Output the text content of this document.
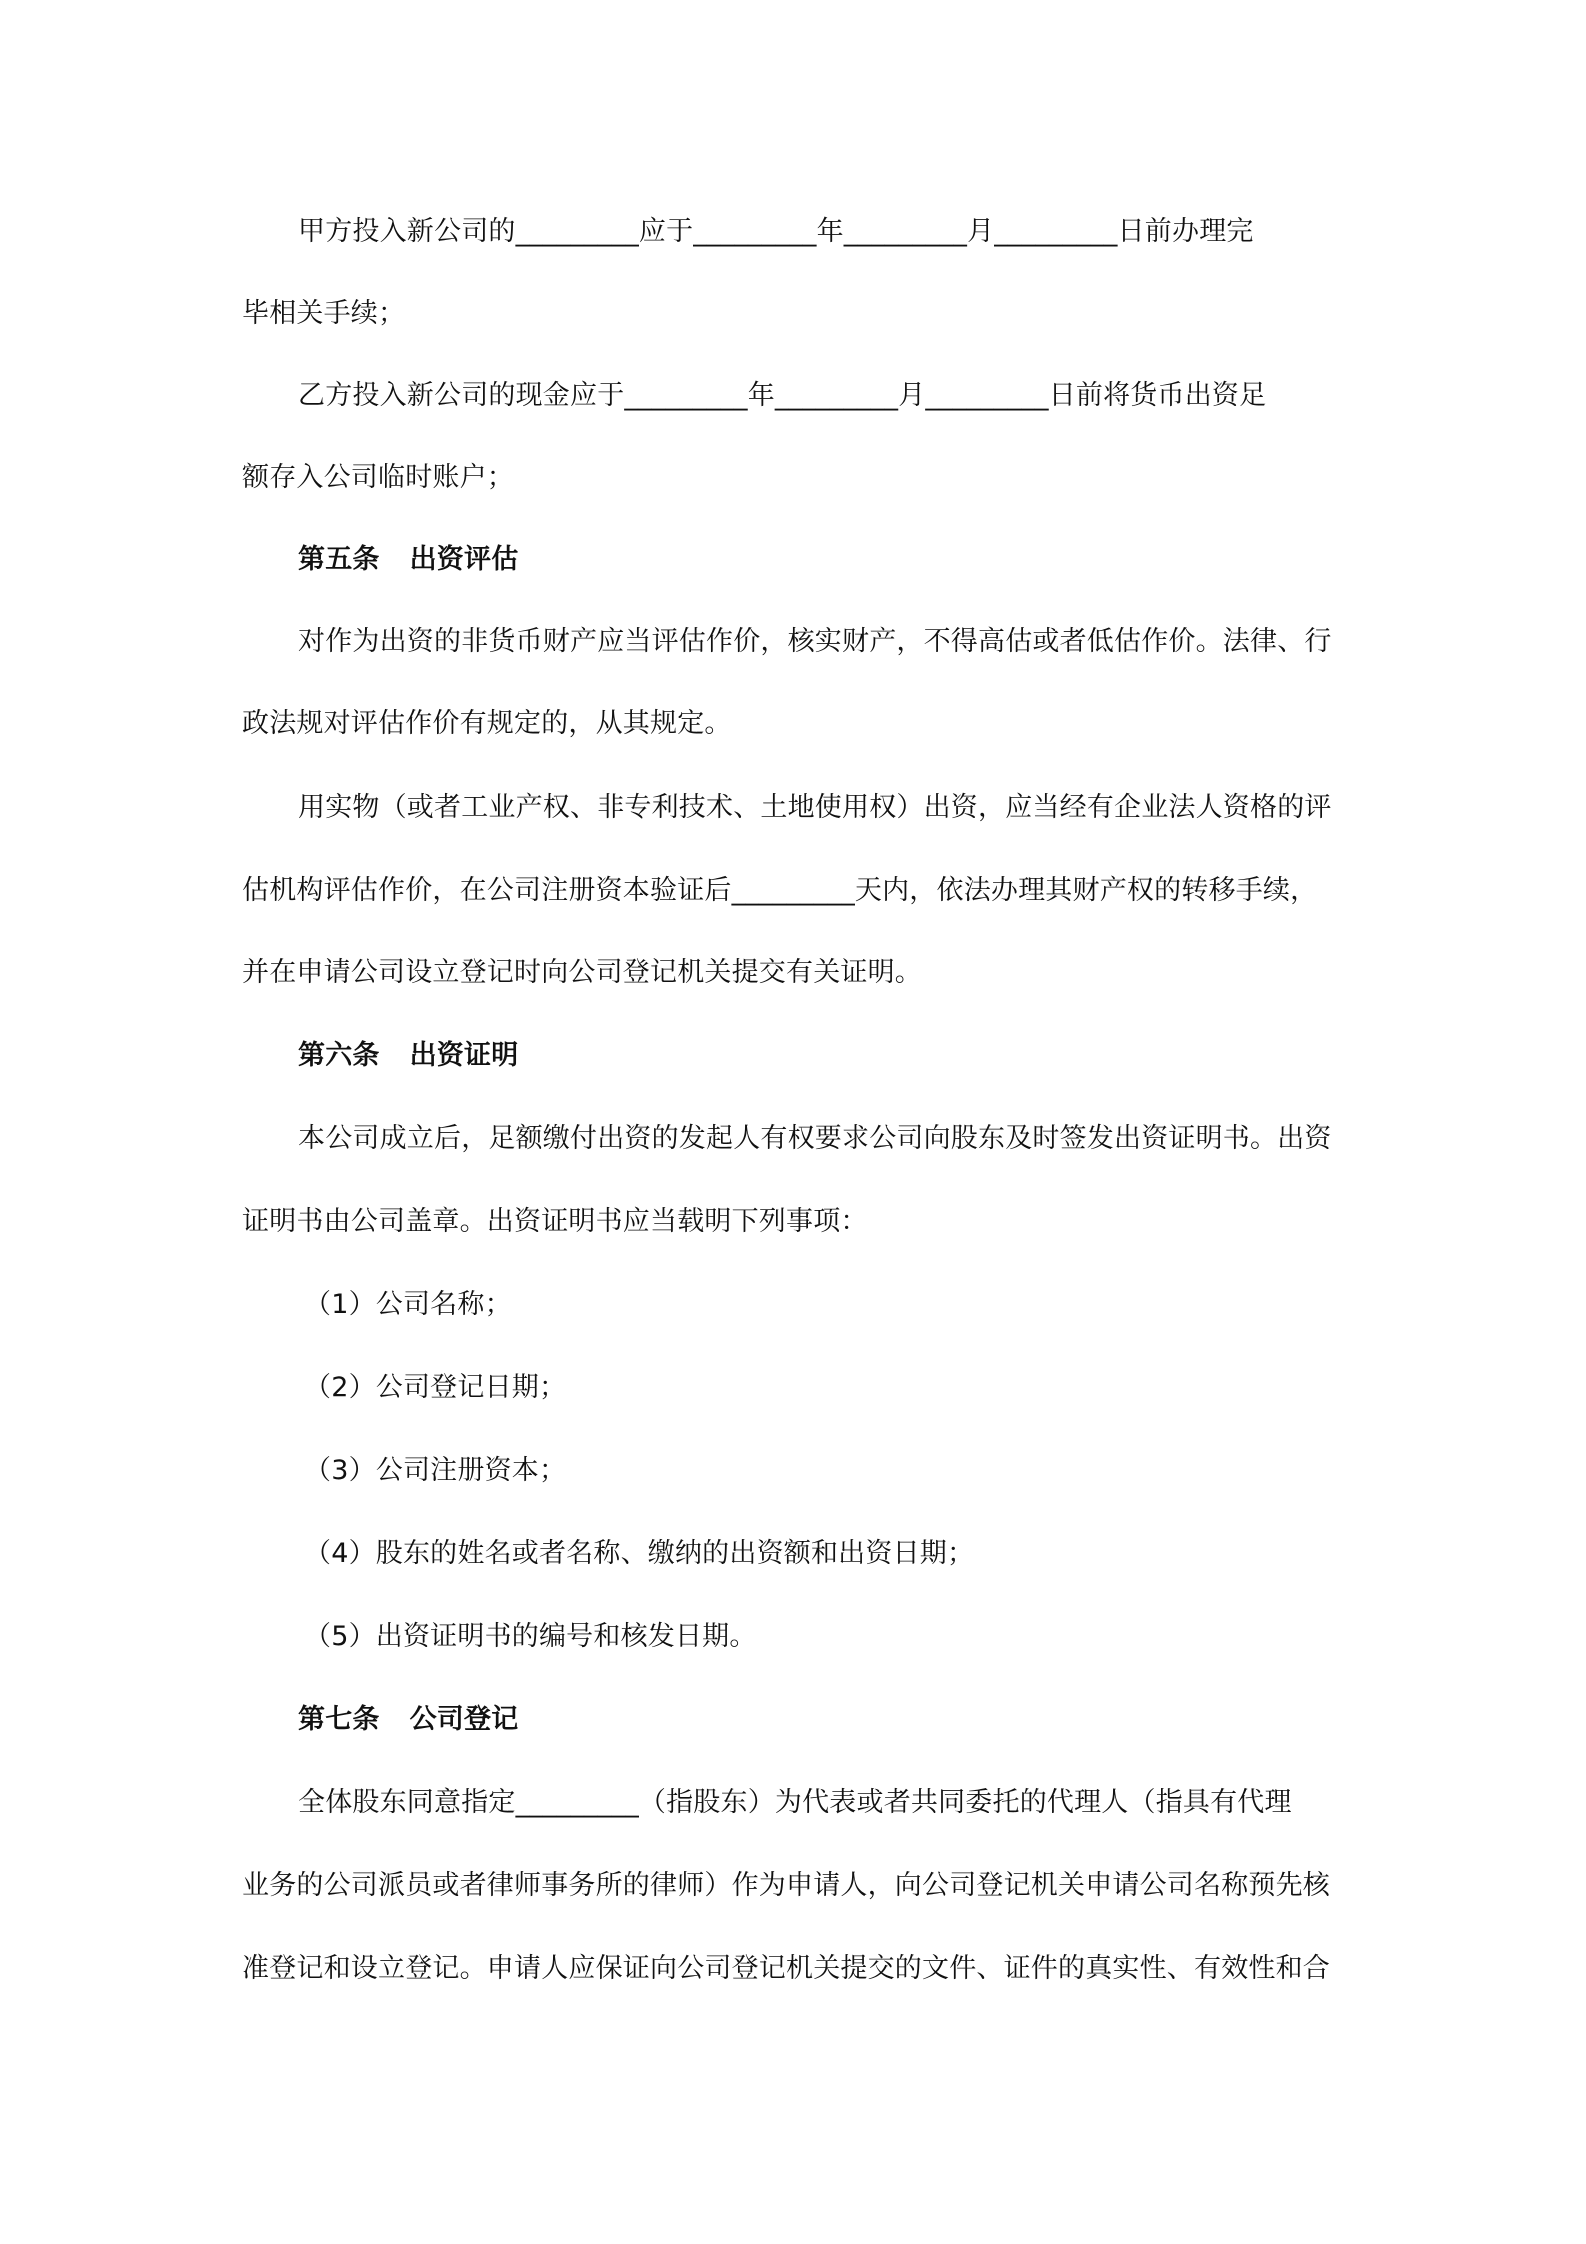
甲方投入新公司的_________应于_________年_________月_________日前办理完
毕相关手续；
乙方投入新公司的现金应于_________年_________月_________日前将货币出资足
额存入公司临时账户；
第五条 出资评估
对作为出资的非货币财产应当评估作价，核实财产，不得高估或者低估作价。法律、行
政法规对评估作价有规定的，从其规定。
用实物（或者工业产权、非专利技术、土地使用权）出资，应当经有企业法人资格的评
估机构评估作价，在公司注册资本验证后_________天内，依法办理其财产权的转移手续，
并在申请公司设立登记时向公司登记机关提交有关证明。
第六条 出资证明
本公司成立后，足额缴付出资的发起人有权要求公司向股东及时签发出资证明书。出资
证明书由公司盖章。出资证明书应当载明下列事项：
（1）公司名称；
（2）公司登记日期；
（3）公司注册资本；
（4）股东的姓名或者名称、缴纳的出资额和出资日期；
（5）出资证明书的编号和核发日期。
第七条 公司登记
全体股东同意指定_________（指股东）为代表或者共同委托的代理人（指具有代理
业务的公司派员或者律师事务所的律师）作为申请人，向公司登记机关申请公司名称预先核
准登记和设立登记。申请人应保证向公司登记机关提交的文件、证件的真实性、有效性和合
